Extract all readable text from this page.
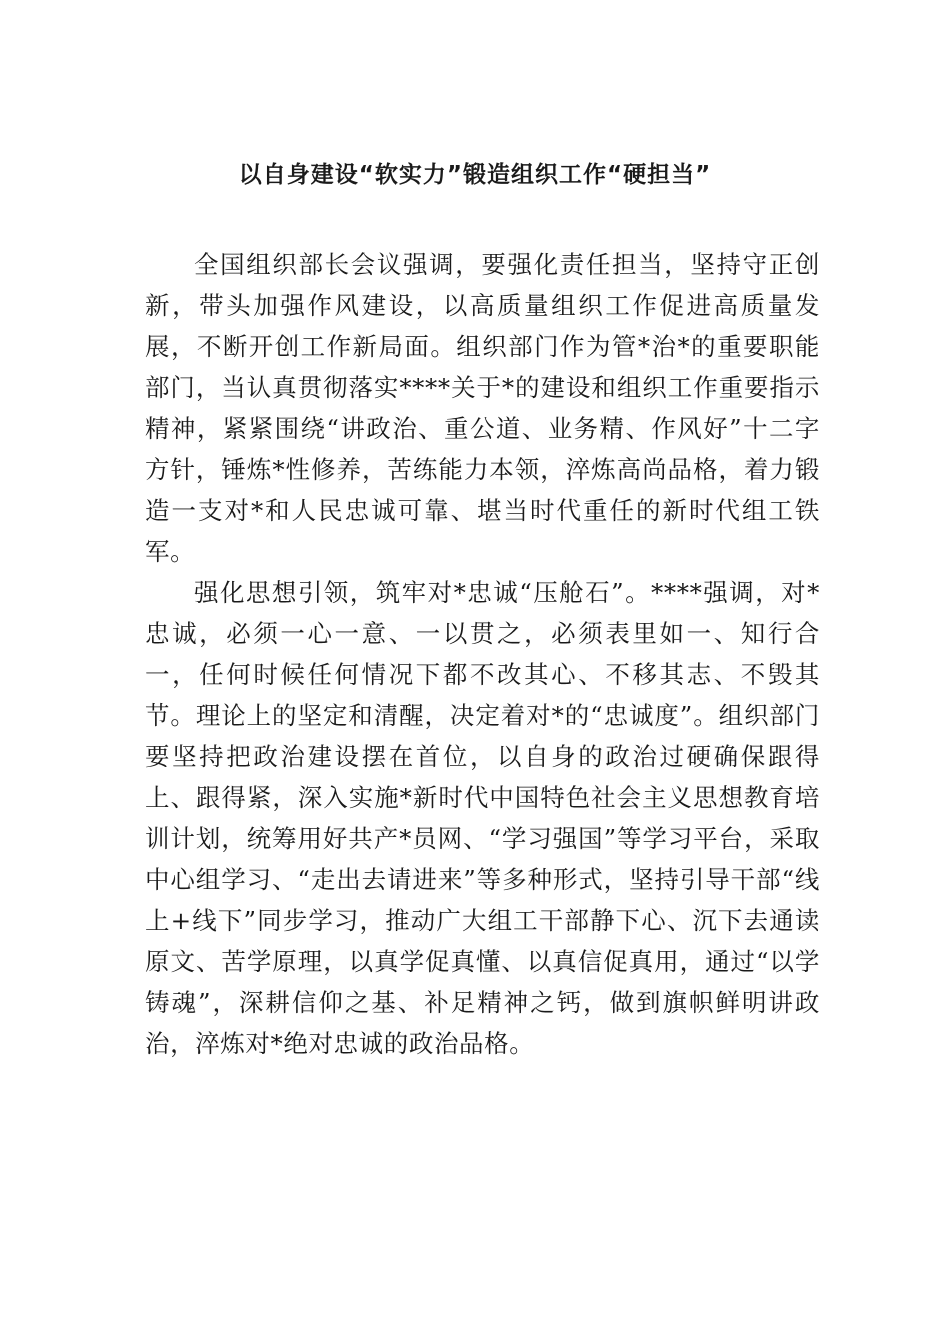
以自身建设“软实力”锻造组织工作“硬担当”

全国组织部长会议强调，要强化责任担当，坚持守正创新，带头加强作风建设，以高质量组织工作促进高质量发展，不断开创工作新局面。组织部门作为管*治*的重要职能部门，当认真贯彻落实****关于*的建设和组织工作重要指示精神，紧紧围绕“讲政治、重公道、业务精、作风好”十二字方针，锤炼*性修养，苦练能力本领，淬炼高尚品格，着力锻造一支对*和人民忠诚可靠、堪当时代重任的新时代组工铁军。

强化思想引领，筑牢对*忠诚“压舱石”。****强调，对*忠诚，必须一心一意、一以贯之，必须表里如一、知行合一，任何时候任何情况下都不改其心、不移其志、不毁其节。理论上的坚定和清醒，决定着对*的“忠诚度”。组织部门要坚持把政治建设摆在首位，以自身的政治过硬确保跟得上、跟得紧，深入实施*新时代中国特色社会主义思想教育培训计划，统筹用好共产*员网、“学习强国”等学习平台，采取中心组学习、“走出去请进来”等多种形式，坚持引导干部“线上+线下”同步学习，推动广大组工干部静下心、沉下去通读原文、苦学原理，以真学促真懂、以真信促真用，通过“以学铸魂”，深耕信仰之基、补足精神之钙，做到旗帜鲜明讲政治，淬炼对*绝对忠诚的政治品格。
